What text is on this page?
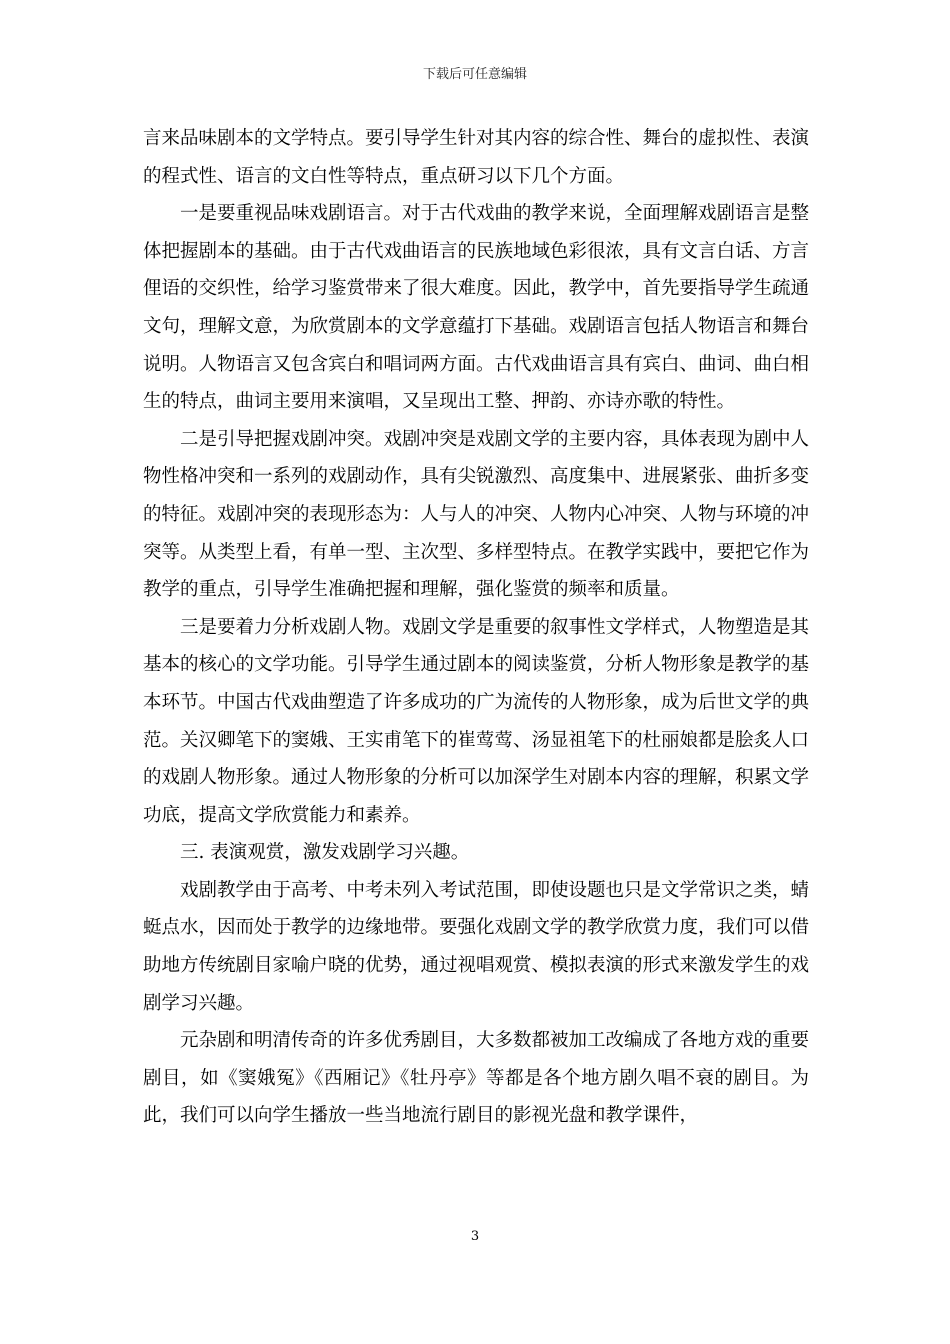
下载后可任意编辑

言来品味剧本的文学特点。要引导学生针对其内容的综合性、舞台的虚拟性、表演的程式性、语言的文白性等特点，重点研习以下几个方面。

一是要重视品味戏剧语言。对于古代戏曲的教学来说，全面理解戏剧语言是整体把握剧本的基础。由于古代戏曲语言的民族地域色彩很浓，具有文言白话、方言俚语的交织性，给学习鉴赏带来了很大难度。因此，教学中，首先要指导学生疏通文句，理解文意，为欣赏剧本的文学意蕴打下基础。戏剧语言包括人物语言和舞台说明。人物语言又包含宾白和唱词两方面。古代戏曲语言具有宾白、曲词、曲白相生的特点，曲词主要用来演唱，又呈现出工整、押韵、亦诗亦歌的特性。

二是引导把握戏剧冲突。戏剧冲突是戏剧文学的主要内容，具体表现为剧中人物性格冲突和一系列的戏剧动作，具有尖锐激烈、高度集中、进展紧张、曲折多变的特征。戏剧冲突的表现形态为：人与人的冲突、人物内心冲突、人物与环境的冲突等。从类型上看，有单一型、主次型、多样型特点。在教学实践中，要把它作为教学的重点，引导学生准确把握和理解，强化鉴赏的频率和质量。

三是要着力分析戏剧人物。戏剧文学是重要的叙事性文学样式，人物塑造是其基本的核心的文学功能。引导学生通过剧本的阅读鉴赏，分析人物形象是教学的基本环节。中国古代戏曲塑造了许多成功的广为流传的人物形象，成为后世文学的典范。关汉卿笔下的窦娥、王实甫笔下的崔莺莺、汤显祖笔下的杜丽娘都是脍炙人口的戏剧人物形象。通过人物形象的分析可以加深学生对剧本内容的理解，积累文学功底，提高文学欣赏能力和素养。

三. 表演观赏，激发戏剧学习兴趣。

戏剧教学由于高考、中考未列入考试范围，即使设题也只是文学常识之类，蜻蜓点水，因而处于教学的边缘地带。要强化戏剧文学的教学欣赏力度，我们可以借助地方传统剧目家喻户晓的优势，通过视唱观赏、模拟表演的形式来激发学生的戏剧学习兴趣。

元杂剧和明清传奇的许多优秀剧目，大多数都被加工改编成了各地方戏的重要剧目，如《窦娥冤》《西厢记》《牡丹亭》等都是各个地方剧久唱不衰的剧目。为此，我们可以向学生播放一些当地流行剧目的影视光盘和教学课件，

3
